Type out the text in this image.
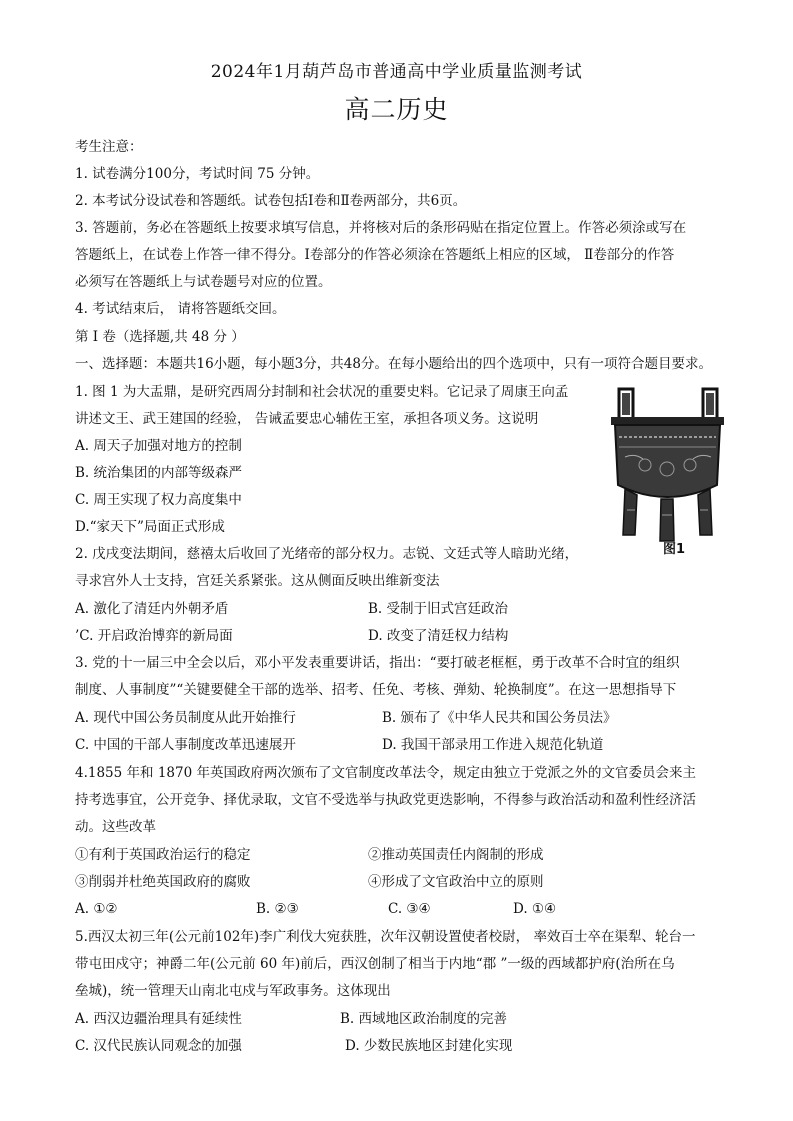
2024年1月葫芦岛市普通高中学业质量监测考试
高二历史
考生注意：
1. 试卷满分100分，考试时间 75 分钟。
2. 本考试分设试卷和答题纸。试卷包括Ⅰ卷和Ⅱ卷两部分，共6页。
3. 答题前，务必在答题纸上按要求填写信息，并将核对后的条形码贴在指定位置上。作答必须涂或写在
答题纸上，在试卷上作答一律不得分。Ⅰ卷部分的作答必须涂在答题纸上相应的区域， Ⅱ卷部分的作答
必须写在答题纸上与试卷题号对应的位置。
4. 考试结束后， 请将答题纸交回。
第 Ⅰ 卷（选择题,共 48 分 ）
一、选择题：本题共16小题，每小题3分，共48分。在每小题给出的四个选项中，只有一项符合题目要求。
1. 图 1 为大盂鼎，是研究西周分封制和社会状况的重要史料。它记录了周康王向孟
讲述文王、武王建国的经验， 告诫孟要忠心辅佐王室，承担各项义务。这说明
A. 周天子加强对地方的控制
B. 统治集团的内部等级森严
C. 周王实现了权力高度集中
D.“家天下”局面正式形成
图1
2. 戊戌变法期间，慈禧太后收回了光绪帝的部分权力。志锐、文廷式等人暗助光绪，
寻求宫外人士支持，宫廷关系紧张。这从侧面反映出维新变法
A. 激化了清廷内外朝矛盾	B. 受制于旧式宫廷政治
’C. 开启政治博弈的新局面	D. 改变了清廷权力结构
3. 党的十一届三中全会以后，邓小平发表重要讲话，指出：“要打破老框框，勇于改革不合时宜的组织
制度、人事制度”“关键要健全干部的选举、招考、任免、考核、弹劾、轮换制度”。在这一思想指导下
A. 现代中国公务员制度从此开始推行	B. 颁布了《中华人民共和国公务员法》
C. 中国的干部人事制度改革迅速展开	D. 我国干部录用工作进入规范化轨道
4.1855 年和 1870 年英国政府两次颁布了文官制度改革法令，规定由独立于党派之外的文官委员会来主
持考选事宜，公开竞争、择优录取，文官不受选举与执政党更迭影响，不得参与政治活动和盈利性经济活
动。这些改革
①有利于英国政治运行的稳定	②推动英国责任内阁制的形成
③削弱并杜绝英国政府的腐败	④形成了文官政治中立的原则
A. ①②	B. ②③	C. ③④	D. ①④
5.西汉太初三年(公元前102年)李广利伐大宛获胜，次年汉朝设置使者校尉， 率效百士卒在渠犁、轮台一
带屯田戍守；神爵二年(公元前 60 年)前后，西汉创制了相当于内地“郡 ”一级的西域都护府(治所在乌
垒城)，统一管理天山南北屯戍与军政事务。这体现出
A. 西汉边疆治理具有延续性	B. 西域地区政治制度的完善
C. 汉代民族认同观念的加强	D. 少数民族地区封建化实现
